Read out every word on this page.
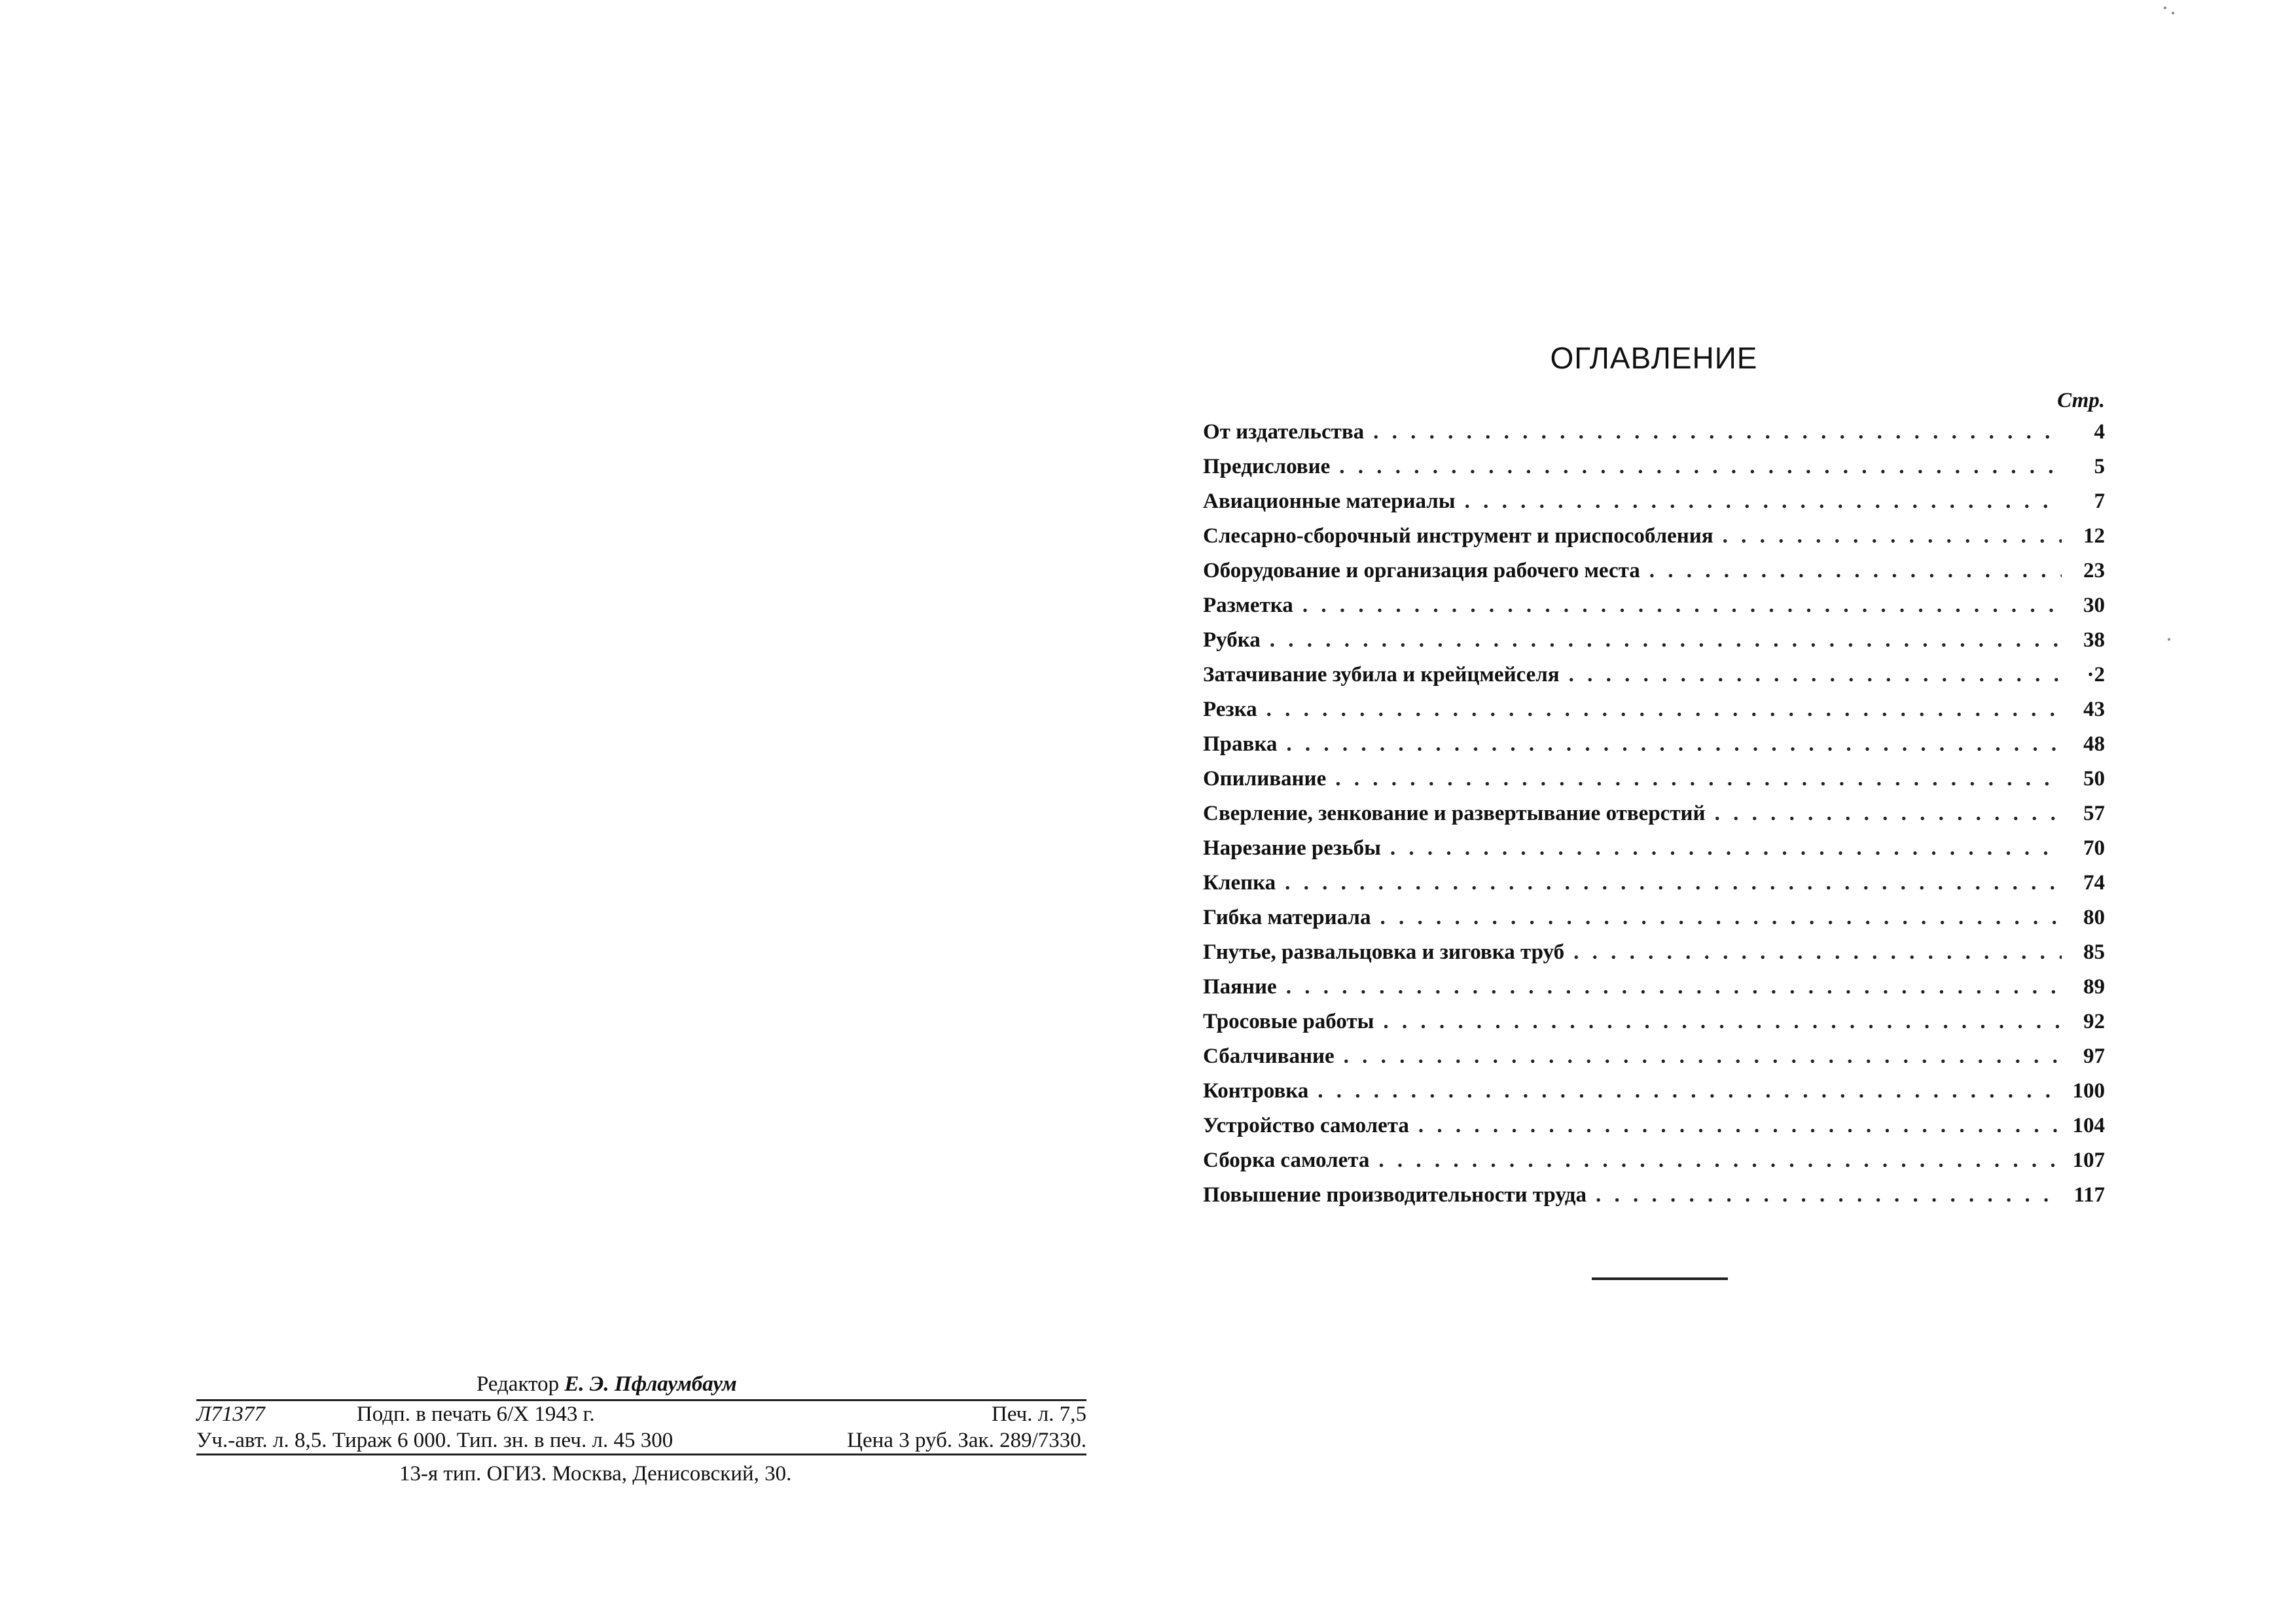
ОГЛАВЛЕНИЕ
Стр.
От издательства . . .	4
Предисловие . . .	5
Авиационные материалы . . .	7
Слесарно-сборочный инструмент и приспособления . . .	12
Оборудование и организация рабочего места . . .	23
Разметка . . .	30
Рубка . . .	38
Затачивание зубила и крейцмейселя . . .	·2
Резка . . .	43
Правка . . .	48
Опиливание . . .	50
Сверление, зенкование и развертывание отверстий . . .	57
Нарезание резьбы . . .	70
Клепка . . .	74
Гибка материала . . .	80
Гнутье, развальцовка и зиговка труб . . .	85
Паяние . . .	89
Тросовые работы . . .	92
Сбалчивание . . .	97
Контровка . . .	100
Устройство самолета . . .	104
Сборка самолета . . .	107
Повышение производительности труда . . .	117
Редактор Е. Э. Пфлаумбаум
Л71377	Подп. в печать 6/X 1943 г.	Печ. л. 7,5
Уч.-авт. л. 8,5. Тираж 6 000. Тип. зн. в печ. л. 45 300	Цена 3 руб. Зак. 289/7330.
13-я тип. ОГИЗ. Москва, Денисовский, 30.
